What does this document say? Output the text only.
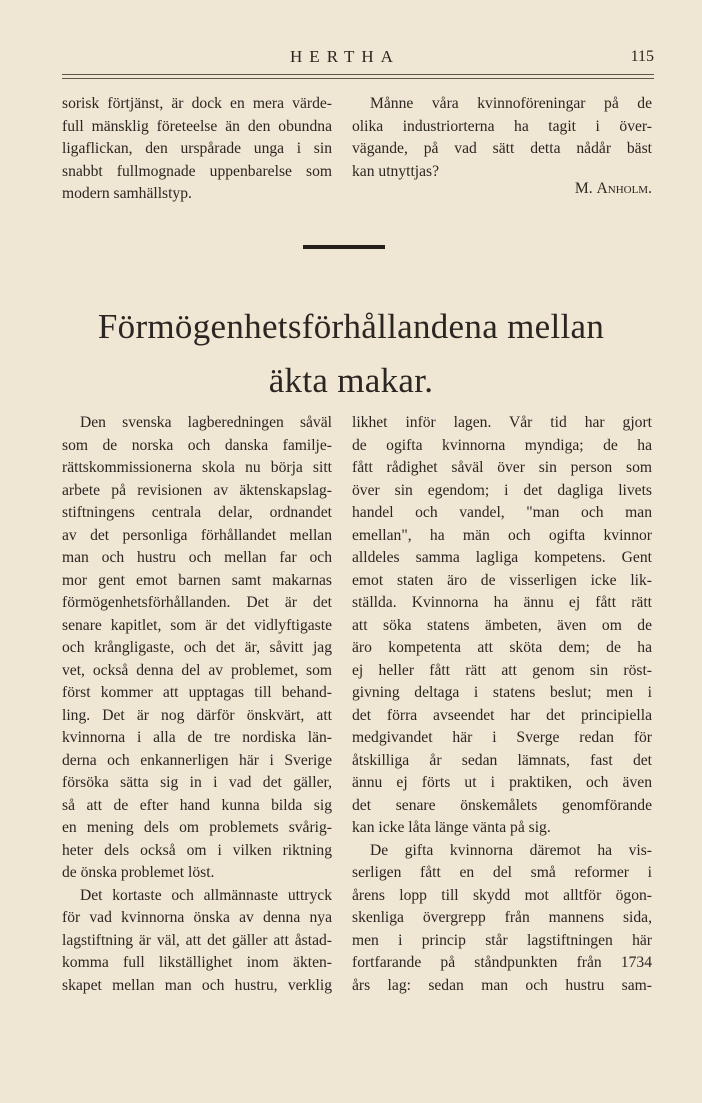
HERTHA	115
sorisk förtjänst, är dock en mera värde-
full mänsklig företeelse än den obundna
ligaflickan, den urspårade unga i sin
snabbt fullmognade uppenbarelse som
modern samhällstyp.
Månne våra kvinnoföreningar på de
olika industriorterna ha tagit i över-
vägande, på vad sätt detta nådår bäst
kan utnyttjas?
M. Anholm.
Förmögenhetsförhållandena mellan
äkta makar.
Den svenska lagberedningen såväl
som de norska och danska familje-
rättskommissionerna skola nu börja sitt
arbete på revisionen av äktenskapslag-
stiftningens centrala delar, ordnandet
av det personliga förhållandet mellan
man och hustru och mellan far och
mor gent emot barnen samt makarnas
förmögenhetsförhållanden. Det är det
senare kapitlet, som är det vidlyftigaste
och krångligaste, och det är, såvitt jag
vet, också denna del av problemet, som
först kommer att upptagas till behand-
ling. Det är nog därför önskvärt, att
kvinnorna i alla de tre nordiska län-
derna och enkannerligen här i Sverige
försöka sätta sig in i vad det gäller,
så att de efter hand kunna bilda sig
en mening dels om problemets svårig-
heter dels också om i vilken riktning
de önska problemet löst.
Det kortaste och allmännaste uttryck
för vad kvinnorna önska av denna nya
lagstiftning är väl, att det gäller att åstad-
komma full likställighet inom äkten-
skapet mellan man och hustru, verklig
likhet inför lagen. Vår tid har gjort
de ogifta kvinnorna myndiga; de ha
fått rådighet såväl över sin person som
över sin egendom; i det dagliga livets
handel och vandel, "man och man
emellan", ha män och ogifta kvinnor
alldeles samma lagliga kompetens. Gent
emot staten äro de visserligen icke lik-
ställda. Kvinnorna ha ännu ej fått rätt
att söka statens ämbeten, även om de
äro kompetenta att sköta dem; de ha
ej heller fått rätt att genom sin röst-
givning deltaga i statens beslut; men i
det förra avseendet har det principiella
medgivandet här i Sverge redan för
åtskilliga år sedan lämnats, fast det
ännu ej förts ut i praktiken, och även
det senare önskemålets genomförande
kan icke låta länge vänta på sig.
De gifta kvinnorna däremot ha vis-
serligen fått en del små reformer i
årens lopp till skydd mot alltför ögon-
skenliga övergrepp från mannens sida,
men i princip står lagstiftningen här
fortfarande på ståndpunkten från 1734
års lag: sedan man och hustru sam-
